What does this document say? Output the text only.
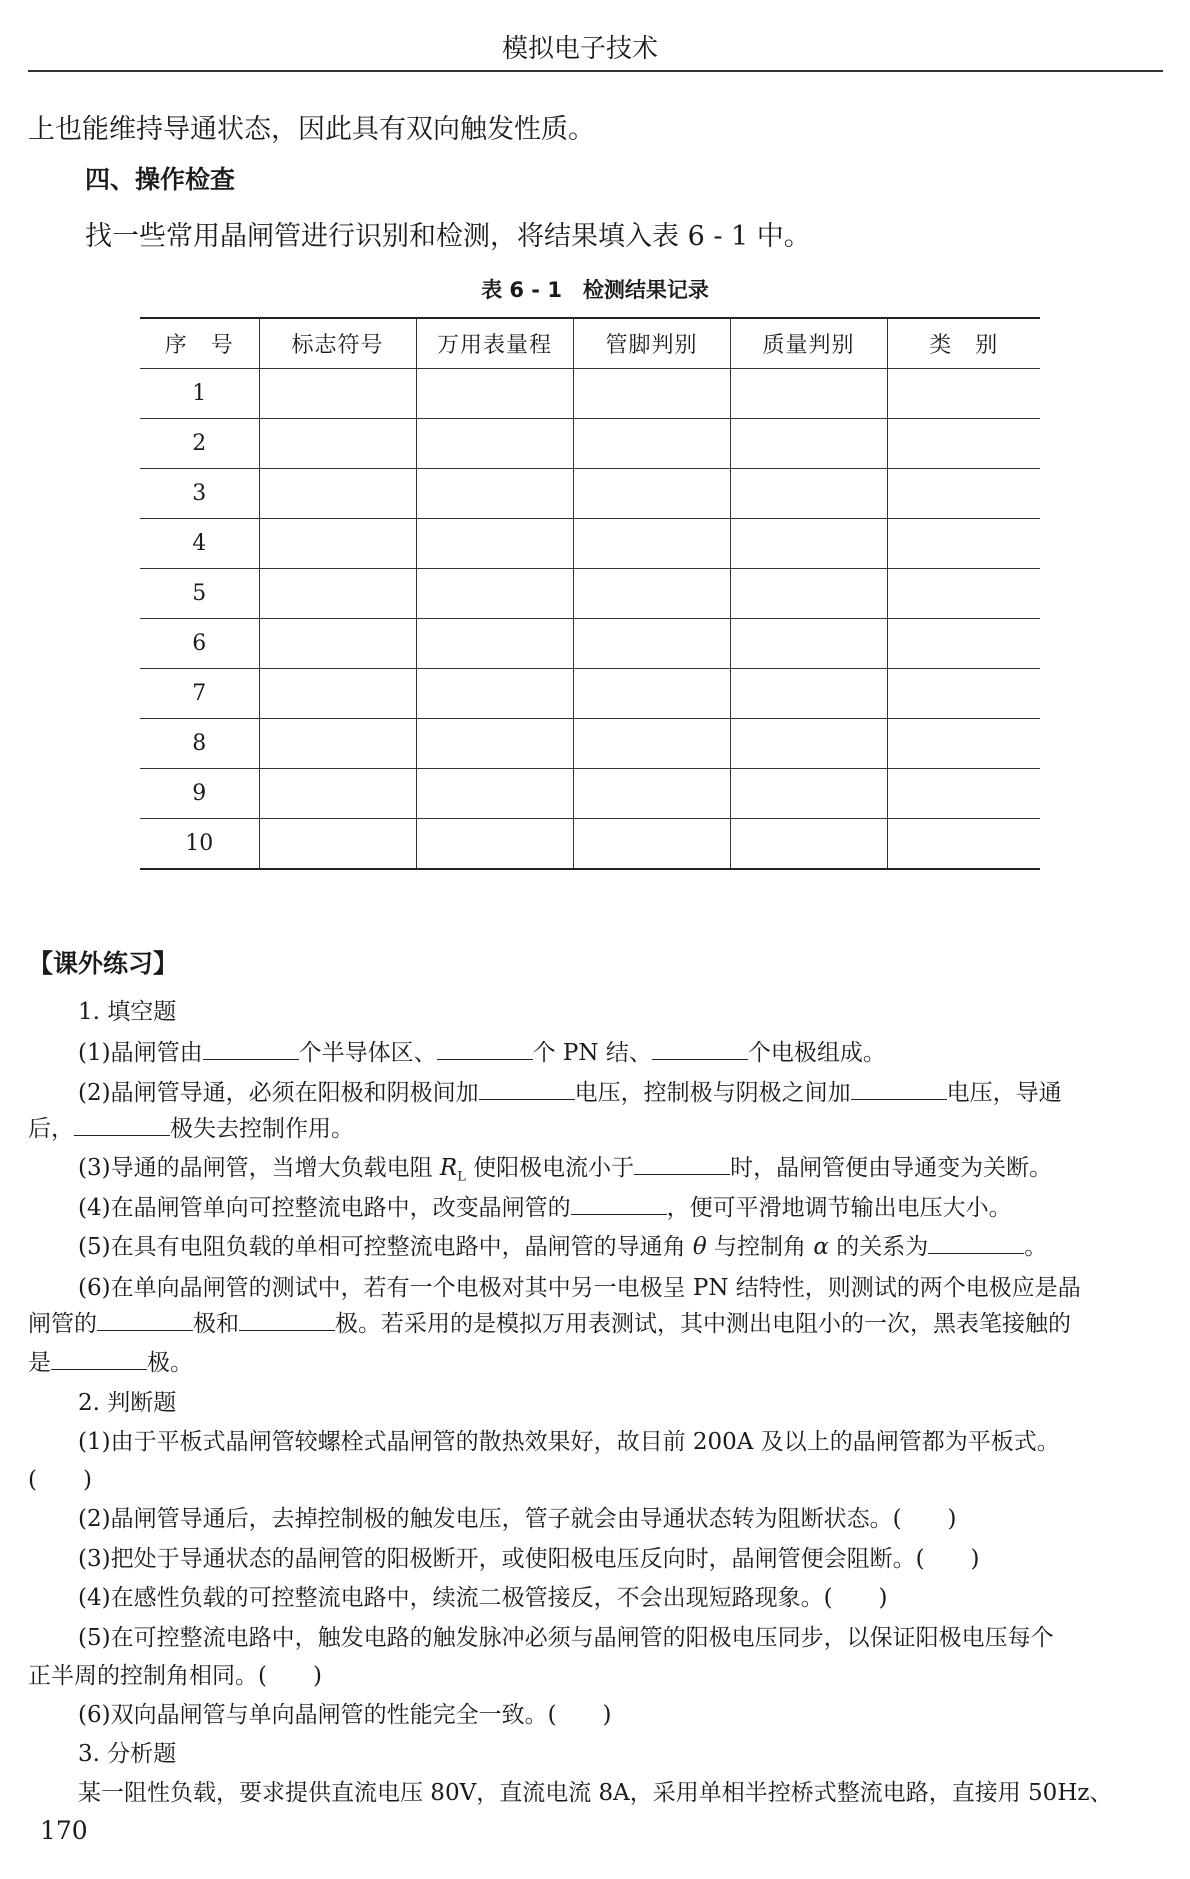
模拟电子技术
上也能维持导通状态，因此具有双向触发性质。
四、操作检查
找一些常用晶闸管进行识别和检测，将结果填入表 6 - 1 中。
表 6 - 1　检测结果记录
序　号	标志符号	万用表量程	管脚判别	质量判别	类　别
1					
2					
3					
4					
5					
6					
7					
8					
9					
10					
【课外练习】
1. 填空题
(1)晶闸管由	个半导体区、	个 PN 结、	个电极组成。
(2)晶闸管导通，必须在阳极和阴极间加	电压，控制极与阴极之间加	电压，导通
后，	极失去控制作用。
(3)导通的晶闸管，当增大负载电阻 $R_L$ 使阳极电流小于	时，晶闸管便由导通变为关断。
(4)在晶闸管单向可控整流电路中，改变晶闸管的	，便可平滑地调节输出电压大小。
(5)在具有电阻负载的单相可控整流电路中，晶闸管的导通角 θ 与控制角 α 的关系为	。
(6)在单向晶闸管的测试中，若有一个电极对其中另一电极呈 PN 结特性，则测试的两个电极应是晶
闸管的	极和	极。若采用的是模拟万用表测试，其中测出电阻小的一次，黑表笔接触的
是	极。
2. 判断题
(1)由于平板式晶闸管较螺栓式晶闸管的散热效果好，故目前 200A 及以上的晶闸管都为平板式。
(　　)
(2)晶闸管导通后，去掉控制极的触发电压，管子就会由导通状态转为阻断状态。(　　)
(3)把处于导通状态的晶闸管的阳极断开，或使阳极电压反向时，晶闸管便会阻断。(　　)
(4)在感性负载的可控整流电路中，续流二极管接反，不会出现短路现象。(　　)
(5)在可控整流电路中，触发电路的触发脉冲必须与晶闸管的阳极电压同步，以保证阳极电压每个
正半周的控制角相同。(　　)
(6)双向晶闸管与单向晶闸管的性能完全一致。(　　)
3. 分析题
某一阻性负载，要求提供直流电压 80V，直流电流 8A，采用单相半控桥式整流电路，直接用 50Hz、
170
